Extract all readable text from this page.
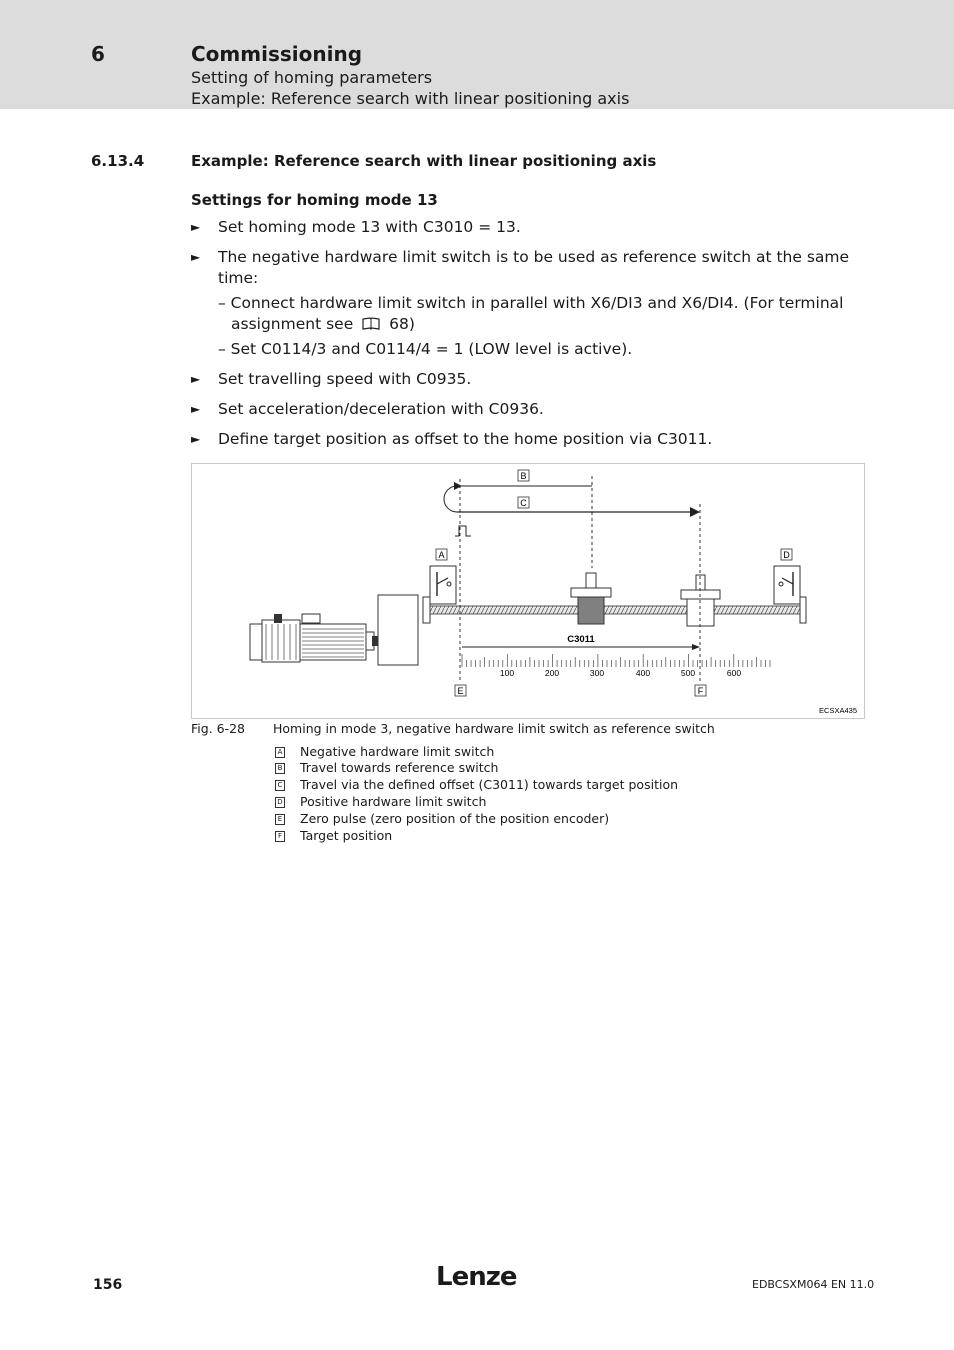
6	Commissioning
Setting of homing parameters
Example: Reference search with linear positioning axis
6.13.4	Example: Reference search with linear positioning axis
Settings for homing mode 13
► Set homing mode 13 with C3010 = 13.
► The negative hardware limit switch is to be used as reference switch at the same
time:
– Connect hardware limit switch in parallel with X6/DI3 and X6/DI4. (For terminal
assignment see 68)
– Set C0114/3 and C0114/4 = 1 (LOW level is active).
► Set travelling speed with C0935.
► Set acceleration/deceleration with C0936.
► Define target position as offset to the home position via C3011.
A	D
B
C
C3011
100	200	300	400	500	600
E	F
ECSXA435
Fig. 6-28 Homing in mode 3, negative hardware limit switch as reference switch
A Negative hardware limit switch
B Travel towards reference switch
C Travel via the defined offset (C3011) towards target position
D Positive hardware limit switch
E Zero pulse (zero position of the position encoder)
F Target position
156	Lenze	EDBCSXM064 EN 11.0
